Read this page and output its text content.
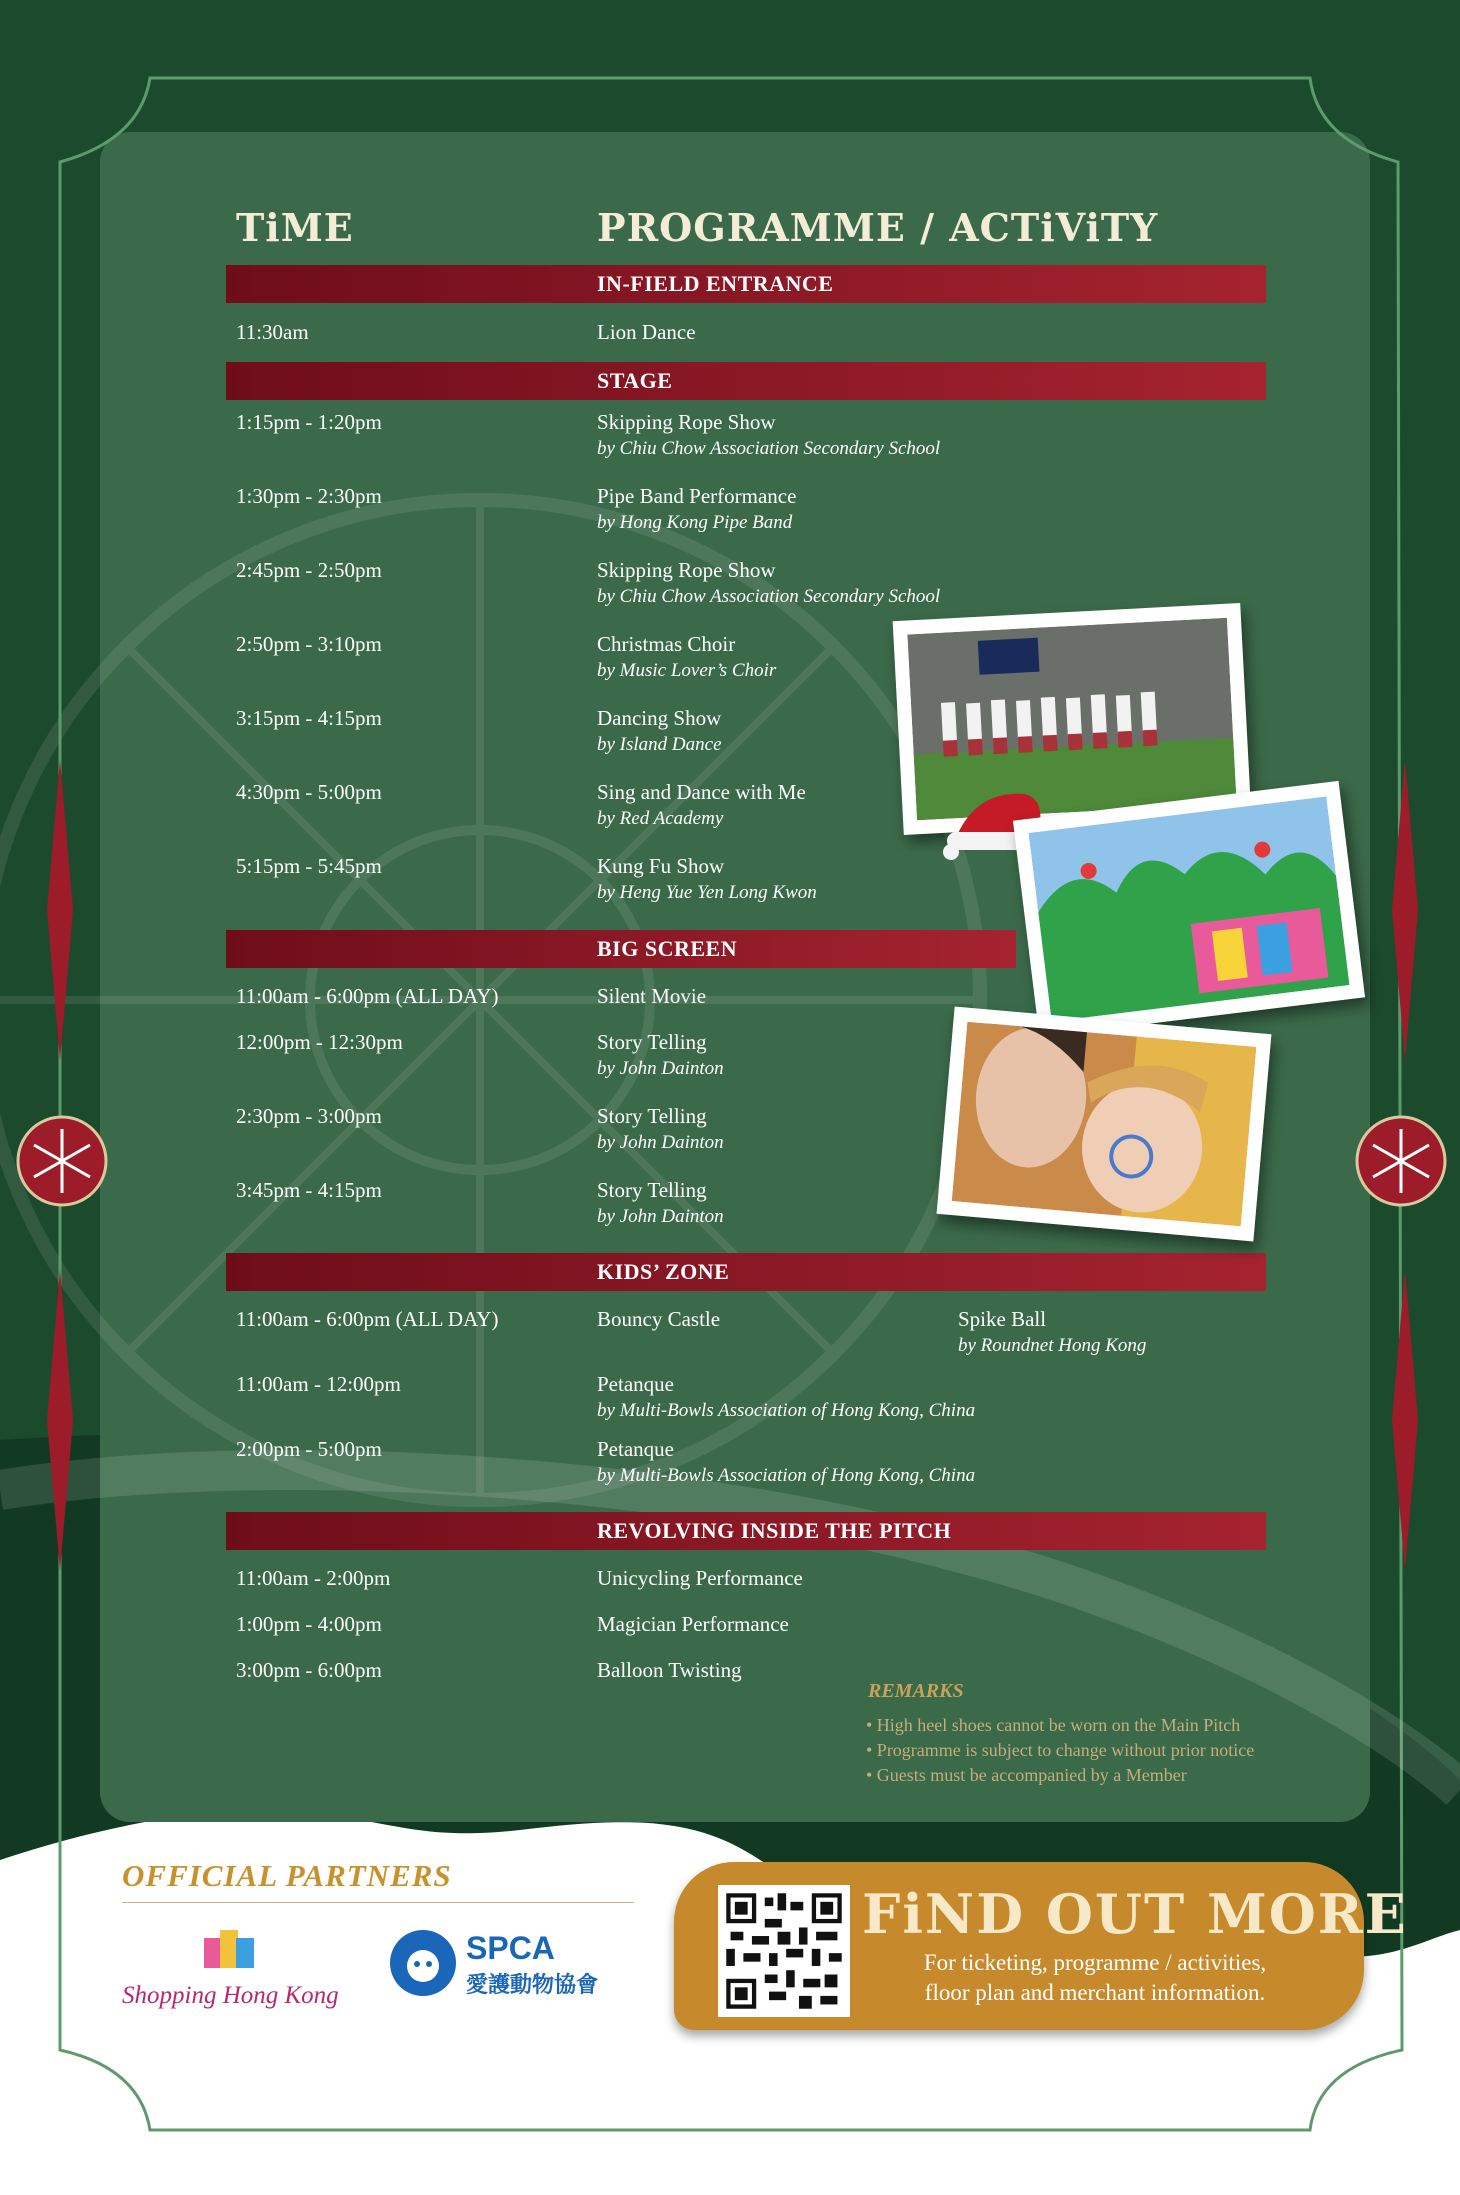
TiME	PROGRAMME / ACTiViTY
IN-FIELD ENTRANCE
11:30am	Lion Dance
STAGE
1:15pm - 1:20pm	Skipping Rope Show
by Chiu Chow Association Secondary School
1:30pm - 2:30pm	Pipe Band Performance
by Hong Kong Pipe Band
2:45pm - 2:50pm	Skipping Rope Show
by Chiu Chow Association Secondary School
2:50pm - 3:10pm	Christmas Choir
by Music Lover’s Choir
3:15pm - 4:15pm	Dancing Show
by Island Dance
4:30pm - 5:00pm	Sing and Dance with Me
by Red Academy
5:15pm - 5:45pm	Kung Fu Show
by Heng Yue Yen Long Kwon
BIG SCREEN
11:00am - 6:00pm (ALL DAY)	Silent Movie
12:00pm - 12:30pm	Story Telling
by John Dainton
2:30pm - 3:00pm	Story Telling
by John Dainton
3:45pm - 4:15pm	Story Telling
by John Dainton
KIDS’ ZONE
11:00am - 6:00pm (ALL DAY)	Bouncy Castle	Spike Ball
by Roundnet Hong Kong
11:00am - 12:00pm	Petanque
by Multi-Bowls Association of Hong Kong, China
2:00pm - 5:00pm	Petanque
by Multi-Bowls Association of Hong Kong, China
REVOLVING INSIDE THE PITCH
11:00am - 2:00pm	Unicycling Performance
1:00pm - 4:00pm	Magician Performance
3:00pm - 6:00pm	Balloon Twisting
REMARKS
• High heel shoes cannot be worn on the Main Pitch
• Programme is subject to change without prior notice
• Guests must be accompanied by a Member
OFFICIAL PARTNERS
Shopping Hong Kong
SPCA
愛護動物協會
FiND OUT MORE
For ticketing, programme / activities,
floor plan and merchant information.
